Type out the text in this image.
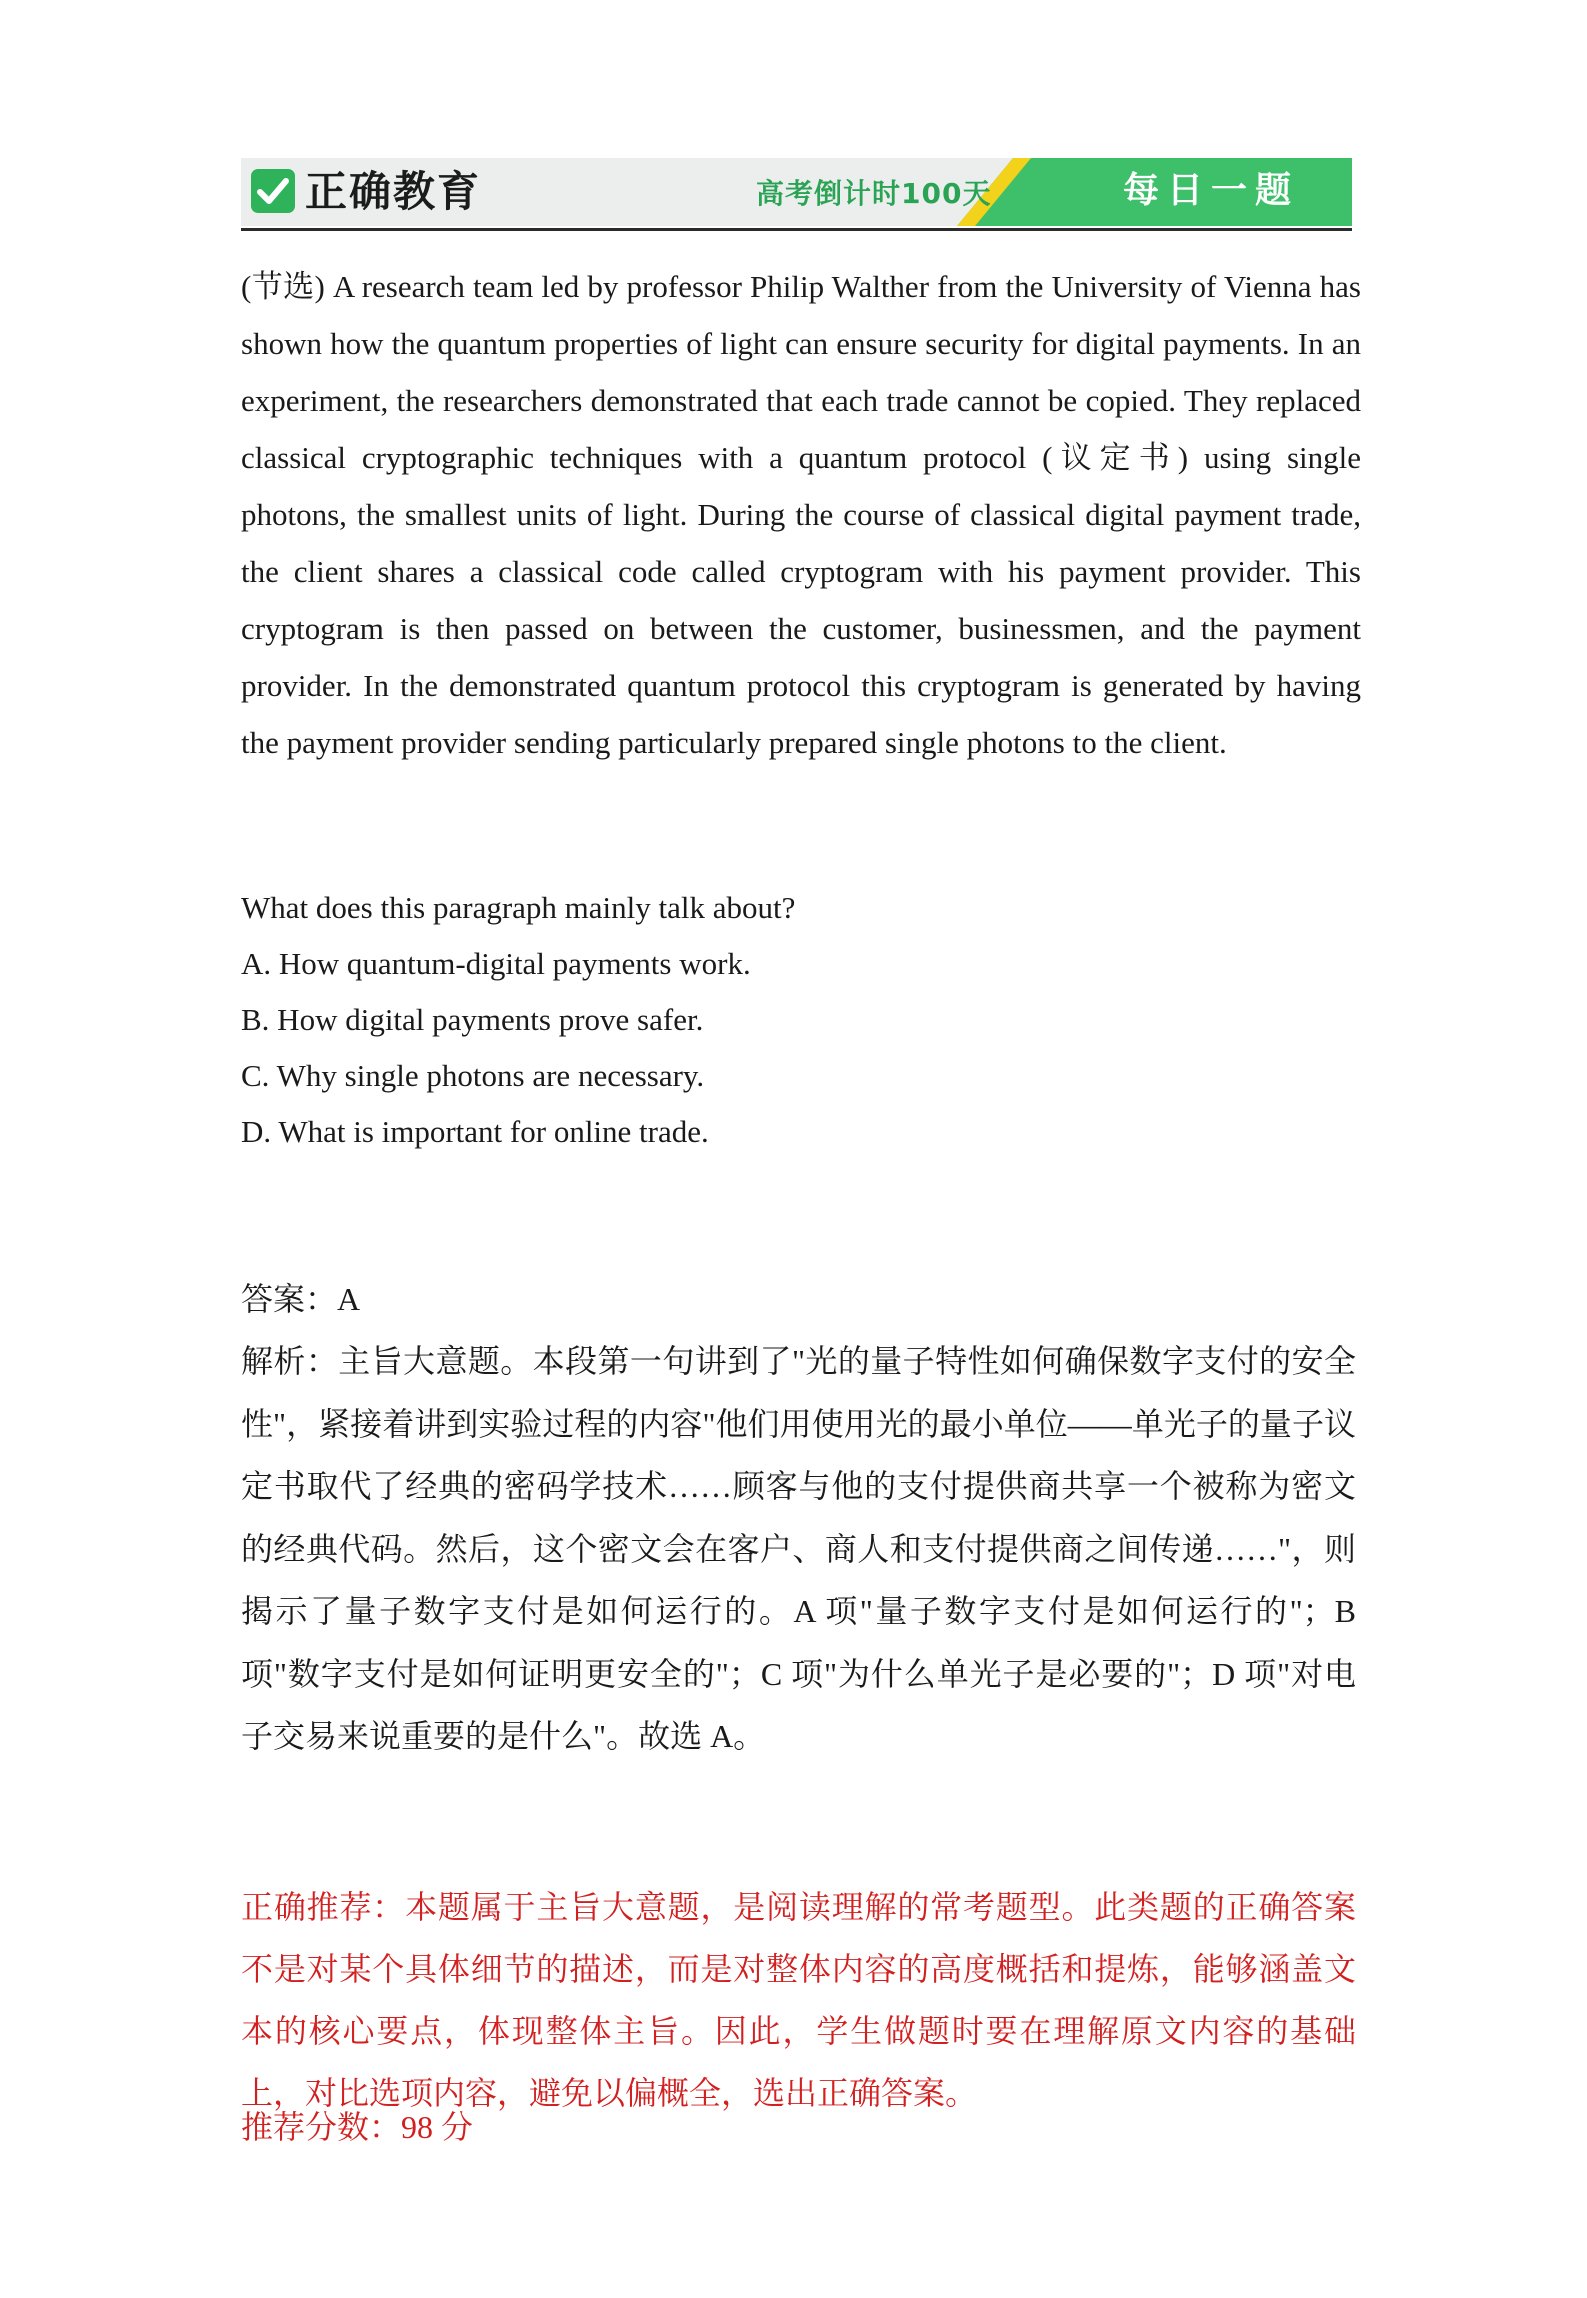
正确教育	高考倒计时100天	每日一题

(节选) A research team led by professor Philip Walther from the University of Vienna has shown how the quantum properties of light can ensure security for digital payments. In an experiment, the researchers demonstrated that each trade cannot be copied. They replaced classical cryptographic techniques with a quantum protocol (议定书) using single photons, the smallest units of light. During the course of classical digital payment trade, the client shares a classical code called cryptogram with his payment provider. This cryptogram is then passed on between the customer, businessmen, and the payment provider. In the demonstrated quantum protocol this cryptogram is generated by having the payment provider sending particularly prepared single photons to the client.

What does this paragraph mainly talk about?

A. How quantum-digital payments work.

B. How digital payments prove safer.

C. Why single photons are necessary.

D. What is important for online trade.

答案：A

解析：主旨大意题。本段第一句讲到了"光的量子特性如何确保数字支付的安全性"，紧接着讲到实验过程的内容"他们用使用光的最小单位——单光子的量子议定书取代了经典的密码学技术……顾客与他的支付提供商共享一个被称为密文的经典代码。然后，这个密文会在客户、商人和支付提供商之间传递……"，则揭示了量子数字支付是如何运行的。A 项"量子数字支付是如何运行的"；B 项"数字支付是如何证明更安全的"；C 项"为什么单光子是必要的"；D 项"对电子交易来说重要的是什么"。故选 A。

正确推荐：本题属于主旨大意题，是阅读理解的常考题型。此类题的正确答案不是对某个具体细节的描述，而是对整体内容的高度概括和提炼，能够涵盖文本的核心要点，体现整体主旨。因此，学生做题时要在理解原文内容的基础上，对比选项内容，避免以偏概全，选出正确答案。

推荐分数：98 分
